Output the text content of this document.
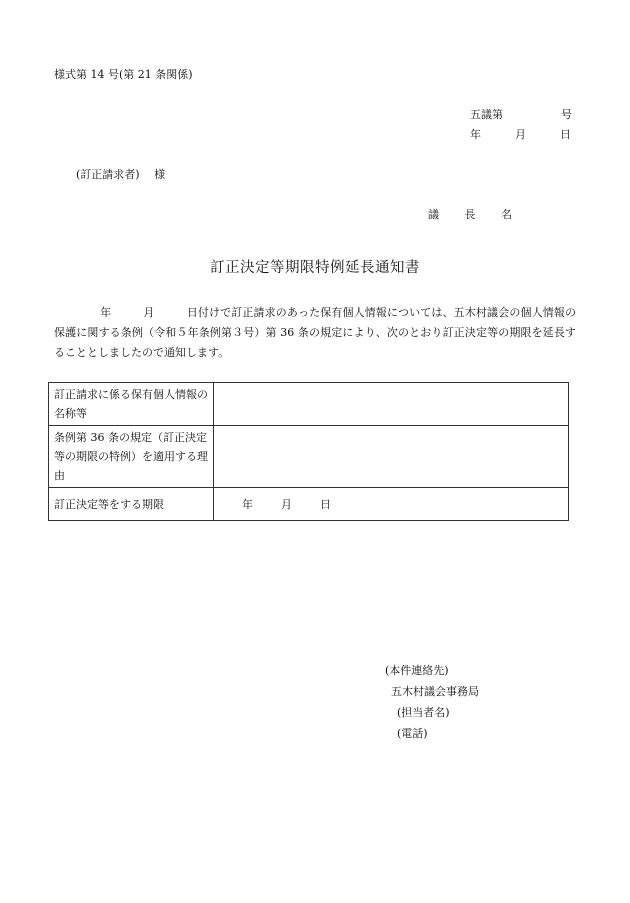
様式第 14 号(第 21 条関係)
五議第	号
年	月	日
(訂正請求者)　 様
議　　 長　　 名
訂正決定等期限特例延長通知書
年	月	日付けで訂正請求のあった保有個人情報については、五木村議会の個人情報の保護に関する条例（令和５年条例第３号）第 36 条の規定により、次のとおり訂正決定等の期限を延長することとしましたので通知します。
訂正請求に係る保有個人情報の名称等	
条例第 36 条の規定（訂正決定等の期限の特例）を適用する理由	
訂正決定等をする期限	年 月 日
(本件連絡先)
五木村議会事務局
(担当者名)
(電話)
